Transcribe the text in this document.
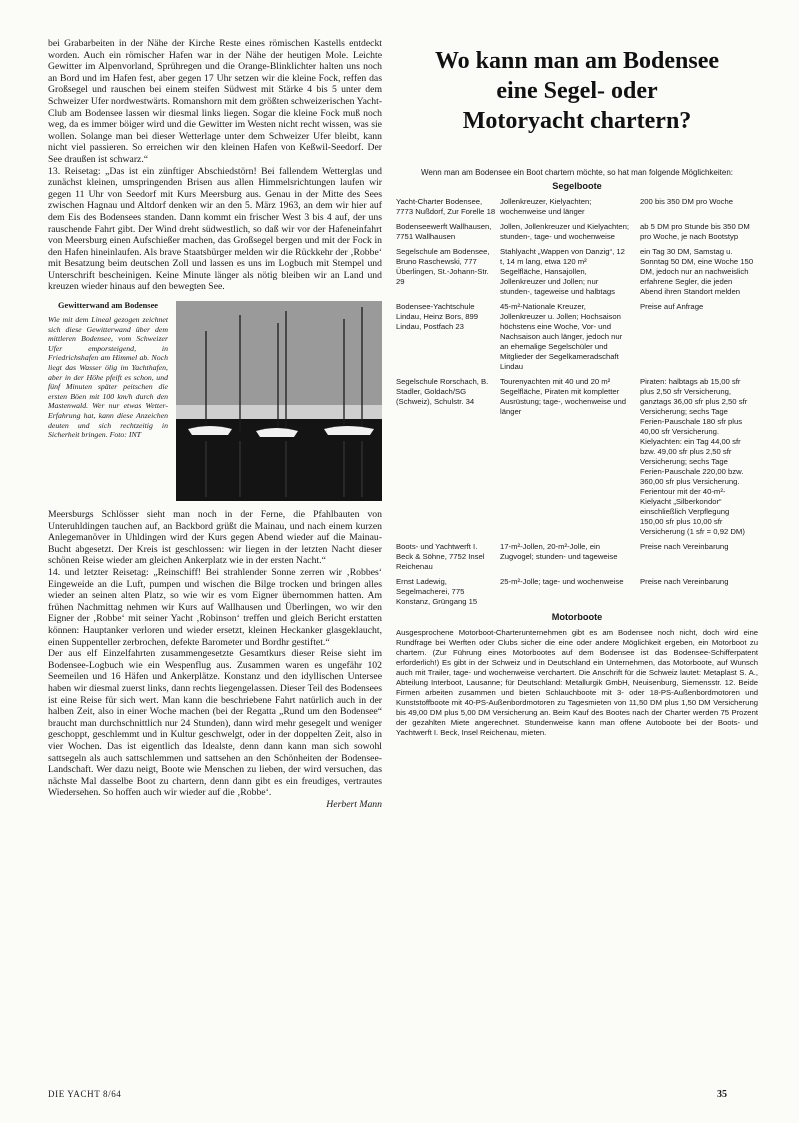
bei Grabarbeiten in der Nähe der Kirche Reste eines römischen Kastells entdeckt worden. Auch ein römischer Hafen war in der Nähe der heutigen Mole. Leichte Gewitter im Alpenvorland, Sprühregen und die Orange-Blinklichter halten uns noch an Bord und im Hafen fest, aber gegen 17 Uhr setzen wir die kleine Fock, reffen das Großsegel und rauschen bei einem steifen Südwest mit Stärke 4 bis 5 unter dem Schweizer Ufer nordwestwärts. Romanshorn mit dem größten schweizerischen Yacht-Club am Bodensee lassen wir diesmal links liegen. Sogar die kleine Fock muß noch weg, da es immer böiger wird und die Gewitter im Westen nicht recht wissen, was sie wollen. Solange man bei dieser Wetterlage unter dem Schweizer Ufer bleibt, kann nicht viel passieren. So erreichen wir den kleinen Hafen von Keßwil-Seedorf. Der See draußen ist schwarz.“

13. Reisetag: „Das ist ein zünftiger Abschiedstörn! Bei fallendem Wetterglas und zunächst kleinen, umspringenden Brisen aus allen Himmelsrichtungen laufen wir gegen 11 Uhr von Seedorf mit Kurs Meersburg aus. Genau in der Mitte des Sees zwischen Hagnau und Altdorf denken wir an den 5. März 1963, an dem wir hier auf dem Eis des Bodensees standen. Dann kommt ein frischer West 3 bis 4 auf, der uns rauschende Fahrt gibt. Der Wind dreht südwestlich, so daß wir vor der Hafeneinfahrt von Meersburg einen Aufschießer machen, das Großsegel bergen und mit der Fock in den Hafen hineinlaufen. Als brave Staatsbürger melden wir die Rückkehr der ‚Robbe‘ mit Besatzung beim deutschen Zoll und lassen es uns im Logbuch mit Stempel und Unterschrift bescheinigen. Keine Minute länger als nötig bleiben wir an Land und kreuzen wieder hinaus auf den bewegten See.

Gewitterwand am Bodensee

Wie mit dem Lineal gezogen zeichnet sich diese Gewitterwand über dem mittleren Bodensee, vom Schweizer Ufer emporsteigend, in Friedrichshafen am Himmel ab. Noch liegt das Wasser ölig im Yachthafen, aber in der Höhe pfeift es schon, und fünf Minuten später peitschen die ersten Böen mit 100 km/h durch den Mastenwald. Wer nur etwas Wetter-Erfahrung hat, kann diese Anzeichen deuten und sich rechtzeitig in Sicherheit bringen. Foto: INT

Meersburgs Schlösser sieht man noch in der Ferne, die Pfahlbauten von Unteruhldingen tauchen auf, an Backbord grüßt die Mainau, und nach einem kurzen Anlegemanöver in Uhldingen wird der Kurs gegen Abend wieder auf die Mainau-Bucht abgesetzt. Der Kreis ist geschlossen: wir liegen in der letzten Nacht dieser schönen Reise wieder am gleichen Ankerplatz wie in der ersten Nacht.“

14. und letzter Reisetag: „Reinschiff! Bei strahlender Sonne zerren wir ‚Robbes‘ Eingeweide an die Luft, pumpen und wischen die Bilge trocken und bringen alles wieder an seinen alten Platz, so wie wir es vom Eigner übernommen hatten. Am frühen Nachmittag nehmen wir Kurs auf Wallhausen und Überlingen, wo wir den Eigner der ‚Robbe‘ mit seiner Yacht ‚Robinson‘ treffen und gleich Bericht erstatten können: Hauptanker verloren und wieder ersetzt, kleinen Heckanker glasgeklaucht, einen Suppenteller zerbrochen, defekte Barometer und Bordhr gestiftet.“

Der aus elf Einzelfahrten zusammengesetzte Gesamtkurs dieser Reise sieht im Bodensee-Logbuch wie ein Wespenflug aus. Zusammen waren es ungefähr 102 Seemeilen und 16 Häfen und Ankerplätze. Konstanz und den idyllischen Untersee haben wir diesmal zuerst links, dann rechts liegengelassen. Dieser Teil des Bodensees ist eine Reise für sich wert. Man kann die beschriebene Fahrt natürlich auch in der halben Zeit, also in einer Woche machen (bei der Regatta „Rund um den Bodensee“ braucht man durchschnittlich nur 24 Stunden), dann wird mehr gesegelt und weniger geschoppt, geschlemmt und in Kultur geschwelgt, oder in der doppelten Zeit, also in vier Wochen. Das ist eigentlich das Idealste, denn dann kann man sich sowohl sattsegeln als auch sattschlemmen und sattsehen an den Schönheiten der Bodensee-Landschaft. Wer dazu neigt, Boote wie Menschen zu lieben, der wird versuchen, das nächste Mal dasselbe Boot zu chartern, denn dann gibt es ein freudiges, vertrautes Wiedersehen. So hoffen auch wir wieder auf die ‚Robbe‘.

Herbert Mann

Wo kann man am Bodensee
eine Segel- oder
Motoryacht chartern?

Wenn man am Bodensee ein Boot chartern möchte, so hat man folgende Möglichkeiten:

Segelboote

Yacht-Charter Bodensee, 7773 Nußdorf, Zur Forelle 18	Jollenkreuzer, Kielyachten; wochenweise und länger	200 bis 350 DM pro Woche

Bodenseewerft Wallhausen, 7751 Wallhausen	Jollen, Jollenkreuzer und Kielyachten; stunden-, tage- und wochenweise	ab 5 DM pro Stunde bis 350 DM pro Woche, je nach Bootstyp

Segelschule am Bodensee, Bruno Raschewski, 777 Überlingen, St.-Johann-Str. 29	Stahlyacht „Wappen von Danzig“, 12 t, 14 m lang, etwa 120 m² Segelfläche, Hansajollen, Jollenkreuzer und Jollen; nur stunden-, tageweise und halbtags	ein Tag 30 DM, Samstag u. Sonntag 50 DM, eine Woche 150 DM, jedoch nur an nachweislich erfahrene Segler, die jeden Abend ihren Standort melden

Bodensee-Yachtschule Lindau, Heinz Bors, 899 Lindau, Postfach 23	45-m²-Nationale Kreuzer, Jollenkreuzer u. Jollen; Hochsaison höchstens eine Woche, Vor- und Nachsaison auch länger, jedoch nur an ehemalige Segelschüler und Mitglieder der Segelkameradschaft Lindau	Preise auf Anfrage

Segelschule Rorschach, B. Stadler, Goldach/SG (Schweiz), Schulstr. 34	Tourenyachten mit 40 und 20 m² Segelfläche, Piraten mit kompletter Ausrüstung; tage-, wochenweise und länger	Piraten: halbtags ab 15,00 sfr plus 2,50 sfr Versicherung, ganztags 36,00 sfr plus 2,50 sfr Versicherung; sechs Tage Ferien-Pauschale 180 sfr plus 40,00 sfr Versicherung. Kielyachten: ein Tag 44,00 sfr bzw. 49,00 sfr plus 2,50 sfr Versicherung; sechs Tage Ferien-Pauschale 220,00 bzw. 360,00 sfr plus Versicherung. Ferientour mit der 40-m²-Kielyacht „Silberkondor“ einschließlich Verpflegung 150,00 sfr plus 10,00 sfr Versicherung (1 sfr = 0,92 DM)

Boots- und Yachtwerft I. Beck & Söhne, 7752 Insel Reichenau	17-m²-Jollen, 20-m²-Jolle, ein Zugvogel; stunden- und tageweise	Preise nach Vereinbarung

Ernst Ladewig, Segelmacherei, 775 Konstanz, Grüngang 15	25-m²-Jolle; tage- und wochenweise	Preise nach Vereinbarung

Motorboote

Ausgesprochene Motorboot-Charterunternehmen gibt es am Bodensee noch nicht, doch wird eine Rundfrage bei Werften oder Clubs sicher die eine oder andere Möglichkeit ergeben, ein Motorboot zu chartern. (Zur Führung eines Motorbootes auf dem Bodensee ist das Bodensee-Schifferpatent erforderlich!) Es gibt in der Schweiz und in Deutschland ein Unternehmen, das Motorboote, auf Wunsch auch mit Trailer, tage- und wochenweise verchartert. Die Anschrift für die Schweiz lautet: Metaplast S. A., Abteilung Interboot, Lausanne; für Deutschland: Metallurgik GmbH, Neuisenburg, Siemensstr. 12. Beide Firmen arbeiten zusammen und bieten Schlauchboote mit 3- oder 18-PS-Außenbordmotoren und Kunststoffboote mit 40-PS-Außenbordmotoren zu Tagesmieten von 11,50 DM plus 1,50 DM Versicherung bis 49,00 DM plus 5,00 DM Versicherung an. Beim Kauf des Bootes nach der Charter werden 75 Prozent der gezahlten Miete angerechnet. Stundenweise kann man offene Autoboote bei der Boots- und Yachtwerft I. Beck, Insel Reichenau, mieten.

DIE YACHT 8/64	35
